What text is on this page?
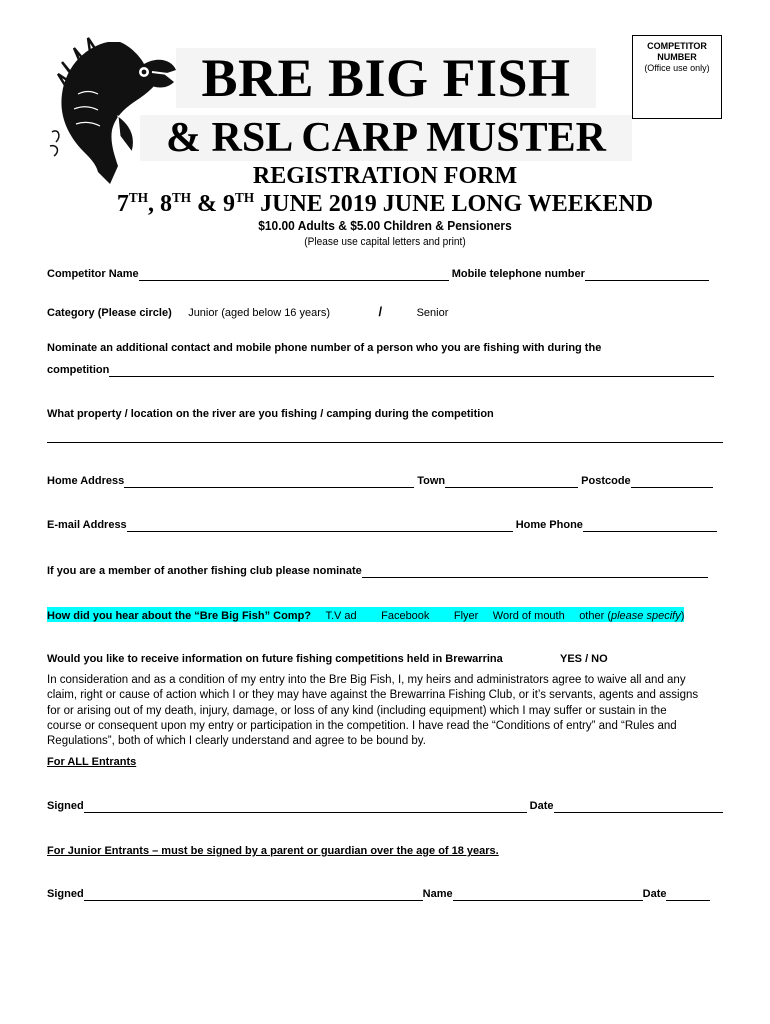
COMPETITOR
NUMBER
(Office use only)
BRE BIG FISH
& RSL CARP MUSTER
REGISTRATION FORM
7TH, 8TH & 9TH JUNE 2019 JUNE LONG WEEKEND
$10.00 Adults & $5.00 Children & Pensioners
(Please use capital letters and print)
Competitor Name	Mobile telephone number
Category (Please circle) Junior (aged below 16 years)	/	Senior
Nominate an additional contact and mobile phone number of a person who you are fishing with during the
competition
What property / location on the river are you fishing / camping during the competition
Home Address	Town	Postcode
E-mail Address	Home Phone
If you are a member of another fishing club please nominate
How did you hear about the “Bre Big Fish” Comp? T.V ad Facebook Flyer Word of mouth other (please specify)
Would you like to receive information on future fishing competitions held in Brewarrina	YES / NO
In consideration and as a condition of my entry into the Bre Big Fish, I, my heirs and administrators agree to waive all and any
claim, right or cause of action which I or they may have against the Brewarrina Fishing Club, or it’s servants, agents and assigns
for or arising out of my death, injury, damage, or loss of any kind (including equipment) which I may suffer or sustain in the
course or consequent upon my entry or participation in the competition. I have read the “Conditions of entry” and “Rules and
Regulations”, both of which I clearly understand and agree to be bound by.
For ALL Entrants
Signed	Date
For Junior Entrants – must be signed by a parent or guardian over the age of 18 years.
Signed	Name	Date
